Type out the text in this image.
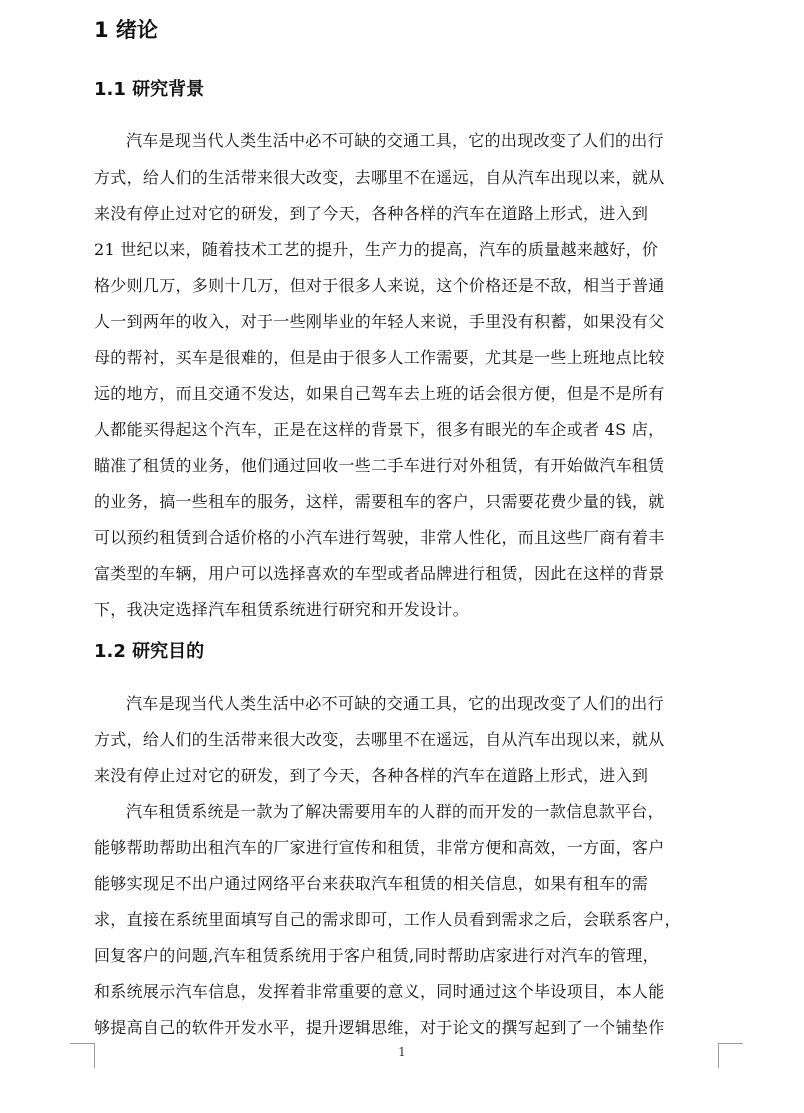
1 绪论
1.1 研究背景
汽车是现当代人类生活中必不可缺的交通工具，它的出现改变了人们的出行
方式，给人们的生活带来很大改变，去哪里不在遥远，自从汽车出现以来，就从
来没有停止过对它的研发，到了今天，各种各样的汽车在道路上形式，进入到
21 世纪以来，随着技术工艺的提升，生产力的提高，汽车的质量越来越好，价
格少则几万，多则十几万，但对于很多人来说，这个价格还是不敌，相当于普通
人一到两年的收入，对于一些刚毕业的年轻人来说，手里没有积蓄，如果没有父
母的帮衬，买车是很难的，但是由于很多人工作需要，尤其是一些上班地点比较
远的地方，而且交通不发达，如果自己驾车去上班的话会很方便，但是不是所有
人都能买得起这个汽车，正是在这样的背景下，很多有眼光的车企或者 4S 店，
瞄准了租赁的业务，他们通过回收一些二手车进行对外租赁，有开始做汽车租赁
的业务，搞一些租车的服务，这样，需要租车的客户，只需要花费少量的钱，就
可以预约租赁到合适价格的小汽车进行驾驶，非常人性化，而且这些厂商有着丰
富类型的车辆，用户可以选择喜欢的车型或者品牌进行租赁，因此在这样的背景
下，我决定选择汽车租赁系统进行研究和开发设计。
1.2 研究目的
汽车是现当代人类生活中必不可缺的交通工具，它的出现改变了人们的出行
方式，给人们的生活带来很大改变，去哪里不在遥远，自从汽车出现以来，就从
来没有停止过对它的研发，到了今天，各种各样的汽车在道路上形式，进入到
汽车租赁系统是一款为了解决需要用车的人群的而开发的一款信息款平台，
能够帮助帮助出租汽车的厂家进行宣传和租赁，非常方便和高效，一方面，客户
能够实现足不出户通过网络平台来获取汽车租赁的相关信息，如果有租车的需
求，直接在系统里面填写自己的需求即可，工作人员看到需求之后，会联系客户，
回复客户的问题,汽车租赁系统用于客户租赁,同时帮助店家进行对汽车的管理，
和系统展示汽车信息，发挥着非常重要的意义，同时通过这个毕设项目，本人能
够提高自己的软件开发水平，提升逻辑思维，对于论文的撰写起到了一个铺垫作
1
